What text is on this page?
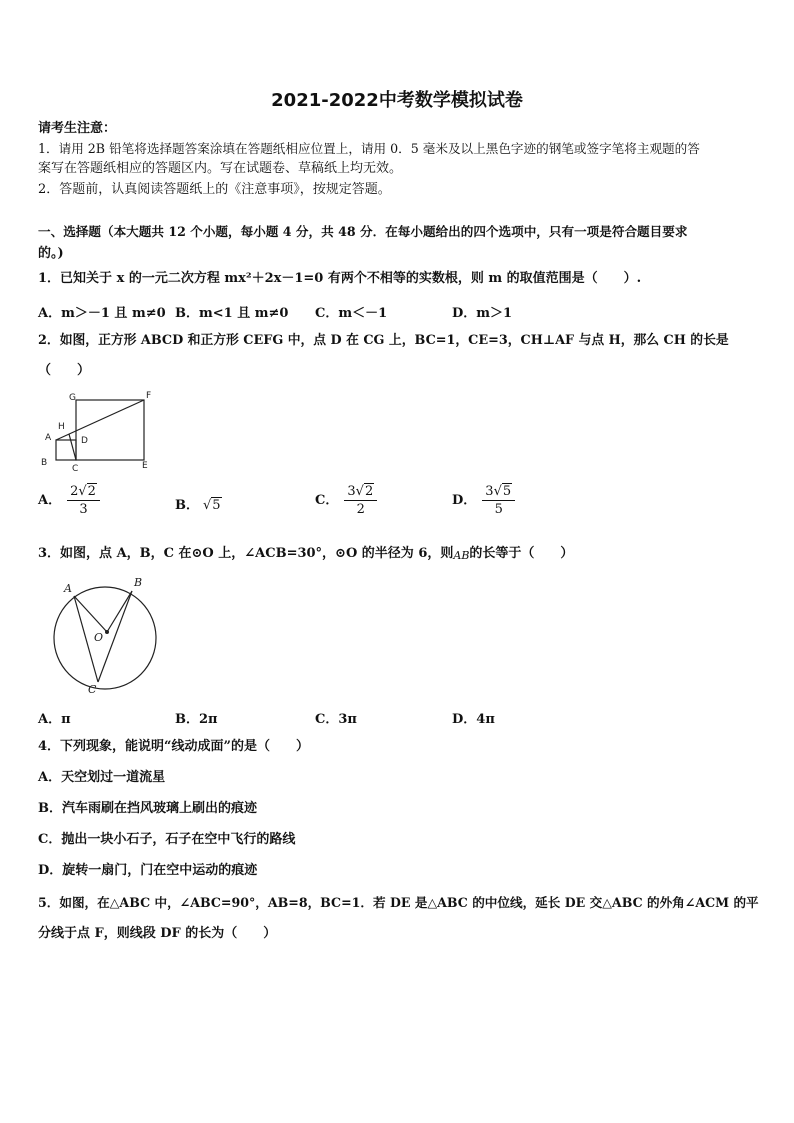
2021-2022中考数学模拟试卷
请考生注意：
1．请用 2B 铅笔将选择题答案涂填在答题纸相应位置上，请用 0．5 毫米及以上黑色字迹的钢笔或签字笔将主观题的答
案写在答题纸相应的答题区内。写在试题卷、草稿纸上均无效。
2．答题前，认真阅读答题纸上的《注意事项》，按规定答题。
一、选择题（本大题共 12 个小题，每小题 4 分，共 48 分．在每小题给出的四个选项中，只有一项是符合题目要求
的。)
1．已知关于 x 的一元二次方程 mx²＋2x－1=0 有两个不相等的实数根，则 m 的取值范围是（　　）.
A．m＞－1 且 m≠0 B．m<1 且 m≠0 C．m＜－1	D．m＞1
2．如图，正方形 ABCD 和正方形 CEFG 中，点 D 在 CG 上，BC=1，CE=3，CH⊥AF 与点 H，那么 CH 的长是
（　　）
G	F
H
A	D
B
C	E
A． $\frac{2√2}{3}$	B． √5	C． $\frac{3√2}{2}$	D． $\frac{3√5}{5}$
3．如图，点 A，B，C 在⊙O 上，∠ACB=30°，⊙O 的半径为 6，则AB的长等于（　　）
A	B
O
C
A．π	B．2π	C．3π	D．4π
4．下列现象，能说明“线动成面”的是（　　）
A．天空划过一道流星
B．汽车雨刷在挡风玻璃上刷出的痕迹
C．抛出一块小石子，石子在空中飞行的路线
D．旋转一扇门，门在空中运动的痕迹
5．如图，在△ABC 中，∠ABC=90°，AB=8，BC=1．若 DE 是△ABC 的中位线，延长 DE 交△ABC 的外角∠ACM 的平
分线于点 F，则线段 DF 的长为（　　）
